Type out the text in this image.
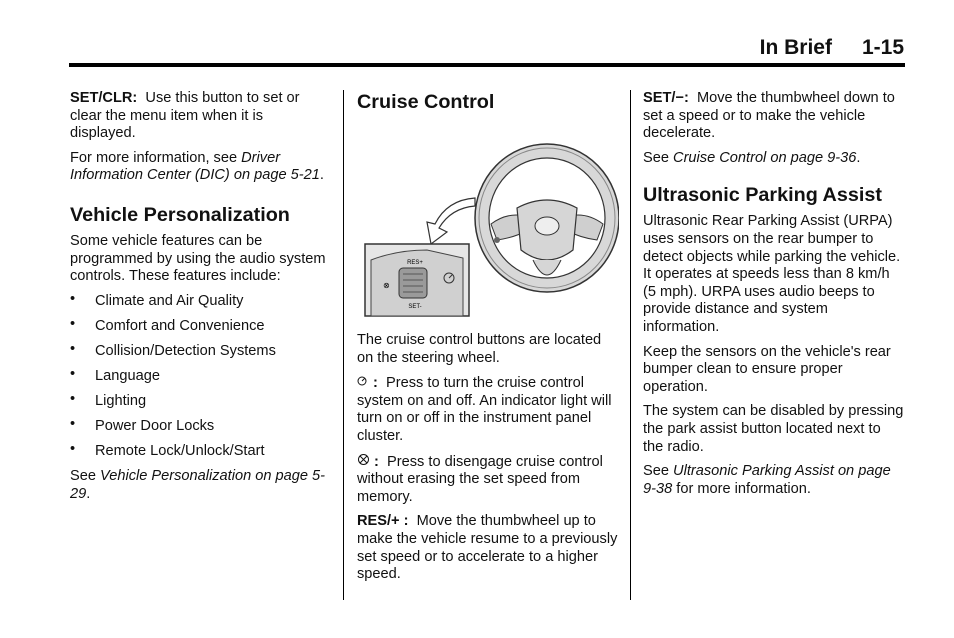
In Brief 1-15

SET/CLR: Use this button to set or clear the menu item when it is displayed.

For more information, see Driver Information Center (DIC) on page 5-21.

Vehicle Personalization

Some vehicle features can be programmed by using the audio system controls. These features include:

• Climate and Air Quality
• Comfort and Convenience
• Collision/Detection Systems
• Language
• Lighting
• Power Door Locks
• Remote Lock/Unlock/Start

See Vehicle Personalization on page 5-29.

Cruise Control
RES+
SET-
⊗

The cruise control buttons are located on the steering wheel.

: Press to turn the cruise control system on and off. An indicator light will turn on or off in the instrument panel cluster.

: Press to disengage cruise control without erasing the set speed from memory.

RES/+ : Move the thumbwheel up to make the vehicle resume to a previously set speed or to accelerate to a higher speed.

SET/−: Move the thumbwheel down to set a speed or to make the vehicle decelerate.

See Cruise Control on page 9-36.

Ultrasonic Parking Assist

Ultrasonic Rear Parking Assist (URPA) uses sensors on the rear bumper to detect objects while parking the vehicle. It operates at speeds less than 8 km/h (5 mph). URPA uses audio beeps to provide distance and system information.

Keep the sensors on the vehicle's rear bumper clean to ensure proper operation.

The system can be disabled by pressing the park assist button located next to the radio.

See Ultrasonic Parking Assist on page 9-38 for more information.
